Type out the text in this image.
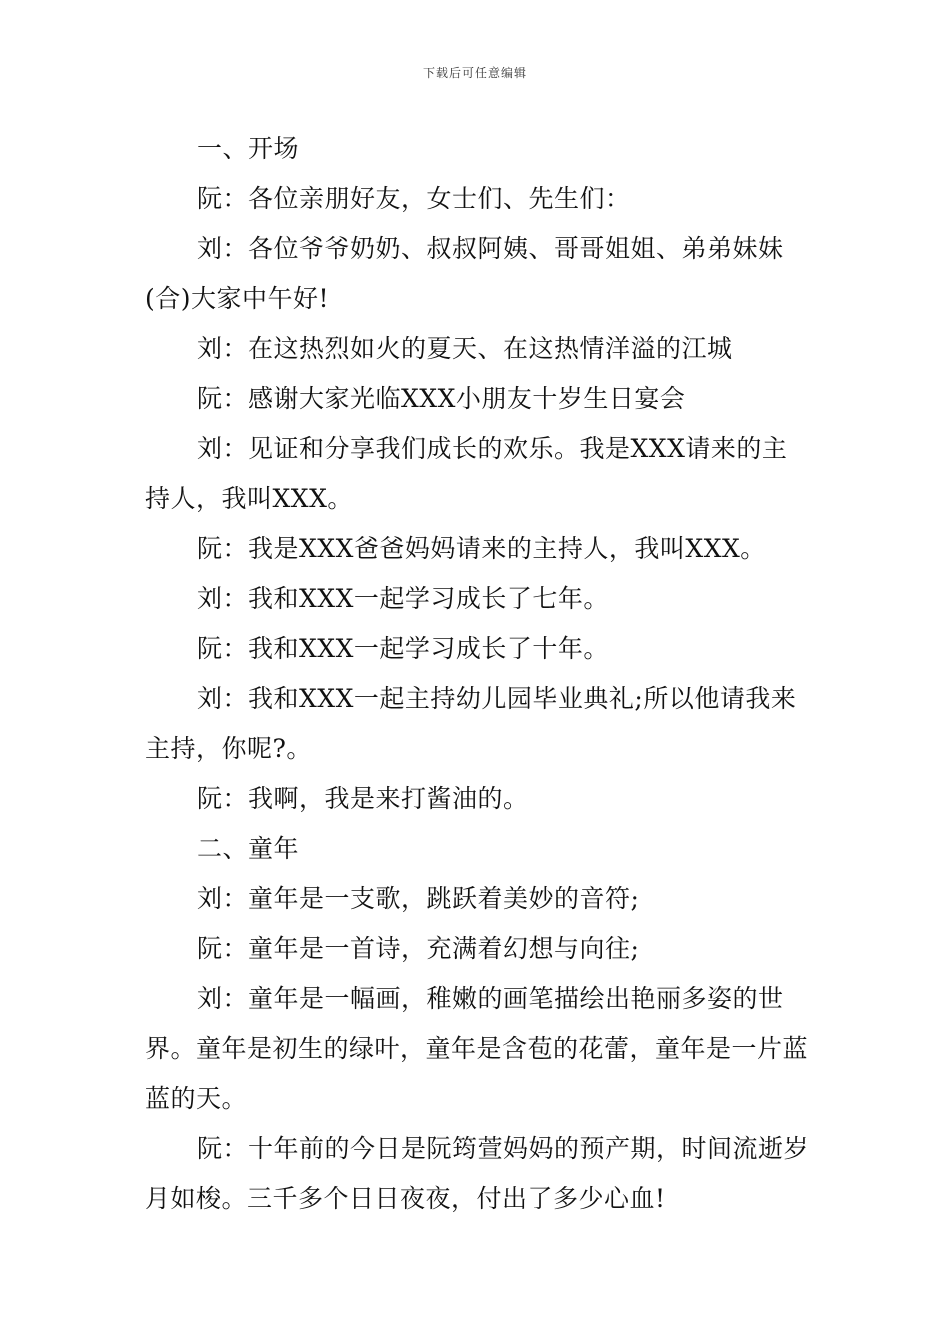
下载后可任意编辑

一、开场

阮：各位亲朋好友，女士们、先生们：

刘：各位爷爷奶奶、叔叔阿姨、哥哥姐姐、弟弟妹妹

(合)大家中午好!

刘：在这热烈如火的夏天、在这热情洋溢的江城

阮：感谢大家光临XXX小朋友十岁生日宴会

刘：见证和分享我们成长的欢乐。我是XXX请来的主持人，我叫XXX。

阮：我是XXX爸爸妈妈请来的主持人，我叫XXX。

刘：我和XXX一起学习成长了七年。

阮：我和XXX一起学习成长了十年。

刘：我和XXX一起主持幼儿园毕业典礼;所以他请我来主持，你呢?。

阮：我啊，我是来打酱油的。

二、童年

刘：童年是一支歌，跳跃着美妙的音符;

阮：童年是一首诗，充满着幻想与向往;

刘：童年是一幅画，稚嫩的画笔描绘出艳丽多姿的世界。童年是初生的绿叶，童年是含苞的花蕾，童年是一片蓝蓝的天。

阮：十年前的今日是阮筠萱妈妈的预产期，时间流逝岁月如梭。三千多个日日夜夜，付出了多少心血!
